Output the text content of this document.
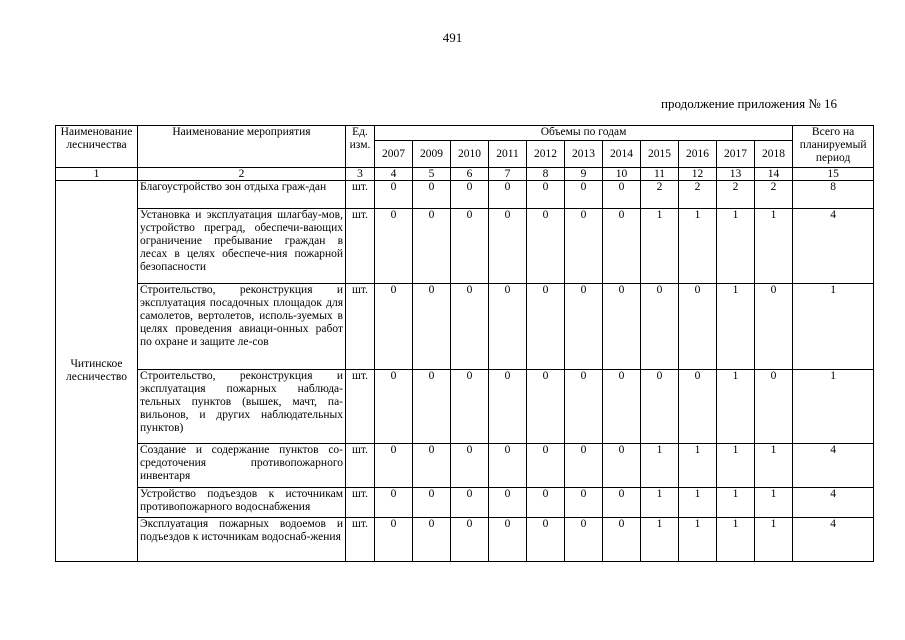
491
продолжение приложения № 16
Наименование лесничества	Наименование мероприятия	Ед. изм.	Объемы по годам											Всего на планируемый период
			2007	2009	2010	2011	2012	2013	2014	2015	2016	2017	2018	
1	2	3	4	5	6	7	8	9	10	11	12	13	14	15
Читинское лесничество	Благоустройство зон отдыха граж-дан	шт.	0	0	0	0	0	0	0	2	2	2	2	8
	Установка и эксплуатация шлагбау-мов, устройство преград, обеспечи-вающих ограничение пребывание граждан в лесах в целях обеспече-ния пожарной безопасности	шт.	0	0	0	0	0	0	0	1	1	1	1	4
	Строительство, реконструкция и эксплуатация посадочных площадок для самолетов, вертолетов, исполь-зуемых в целях проведения авиаци-онных работ по охране и защите ле-сов	шт.	0	0	0	0	0	0	0	0	0	1	0	1
	Строительство, реконструкция и эксплуатация пожарных наблюда-тельных пунктов (вышек, мачт, па-вильонов, и других наблюдательных пунктов)	шт.	0	0	0	0	0	0	0	0	0	1	0	1
	Создание и содержание пунктов со-средоточения противопожарного инвентаря	шт.	0	0	0	0	0	0	0	1	1	1	1	4
	Устройство подъездов к источникам противопожарного водоснабжения	шт.	0	0	0	0	0	0	0	1	1	1	1	4
	Эксплуатация пожарных водоемов и подъездов к источникам водоснаб-жения	шт.	0	0	0	0	0	0	0	1	1	1	1	4
